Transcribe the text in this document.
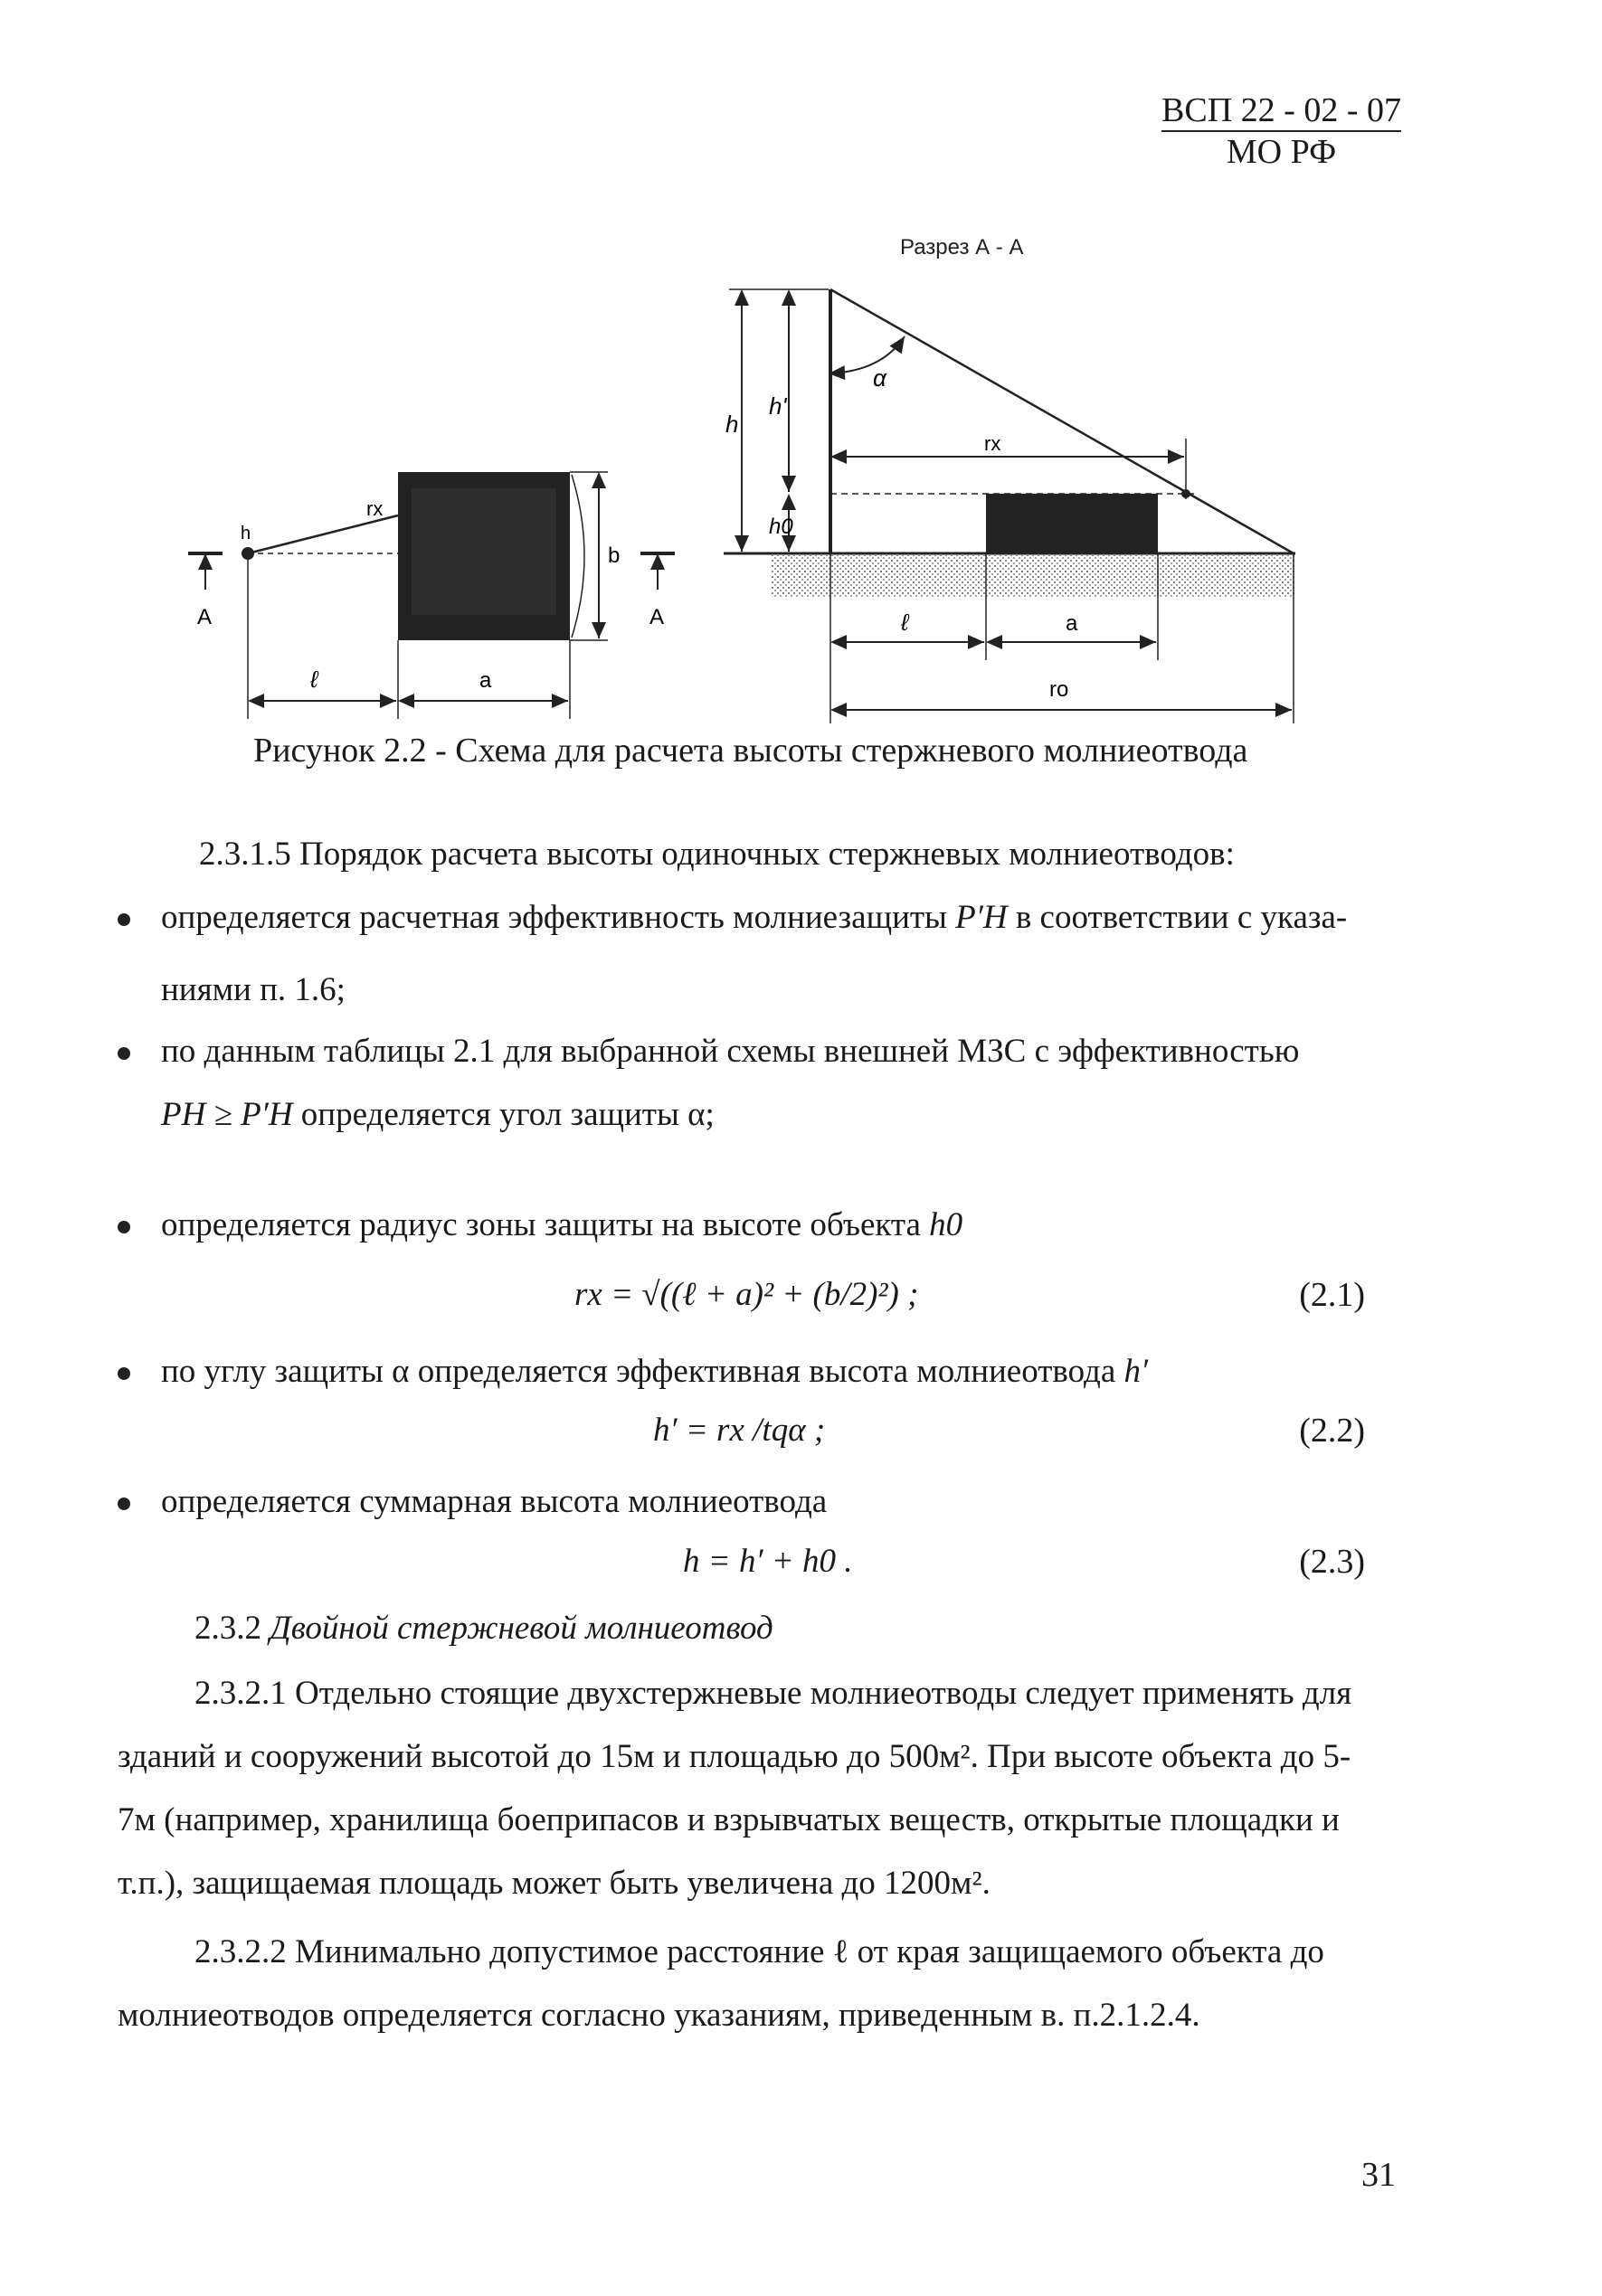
ВСП 22 - 02 - 07
МО РФ
Разрез А - А
h
rx
A	A
b
ℓ	a
rx
α
h
h'
h0
ℓ	a
ro
Рисунок 2.2 - Схема для расчета высоты стержневого молниеотвода
2.3.1.5 Порядок расчета высоты одиночных стержневых молниеотводов:
определяется расчетная эффективность молниезащиты P′H в соответствии с указа-
ниями п. 1.6;
по данным таблицы 2.1 для выбранной схемы внешней МЗС с эффективностью
PH ≥ P′H определяется угол защиты α;
определяется радиус зоны защиты на высоте объекта h0
rx = √((ℓ + a)² + (b/2)²) ;	(2.1)
по углу защиты α определяется эффективная высота молниеотвода h′
h′ = rx /tqα ;	(2.2)
определяется суммарная высота молниеотвода
h = h′ + h0 .	(2.3)
2.3.2 Двойной стержневой молниеотвод
2.3.2.1 Отдельно стоящие двухстержневые молниеотводы следует применять для
зданий и сооружений высотой до 15м и площадью до 500м². При высоте объекта до 5-
7м (например, хранилища боеприпасов и взрывчатых веществ, открытые площадки и
т.п.), защищаемая площадь может быть увеличена до 1200м².
2.3.2.2 Минимально допустимое расстояние ℓ от края защищаемого объекта до
молниеотводов определяется согласно указаниям, приведенным в. п.2.1.2.4.
31
